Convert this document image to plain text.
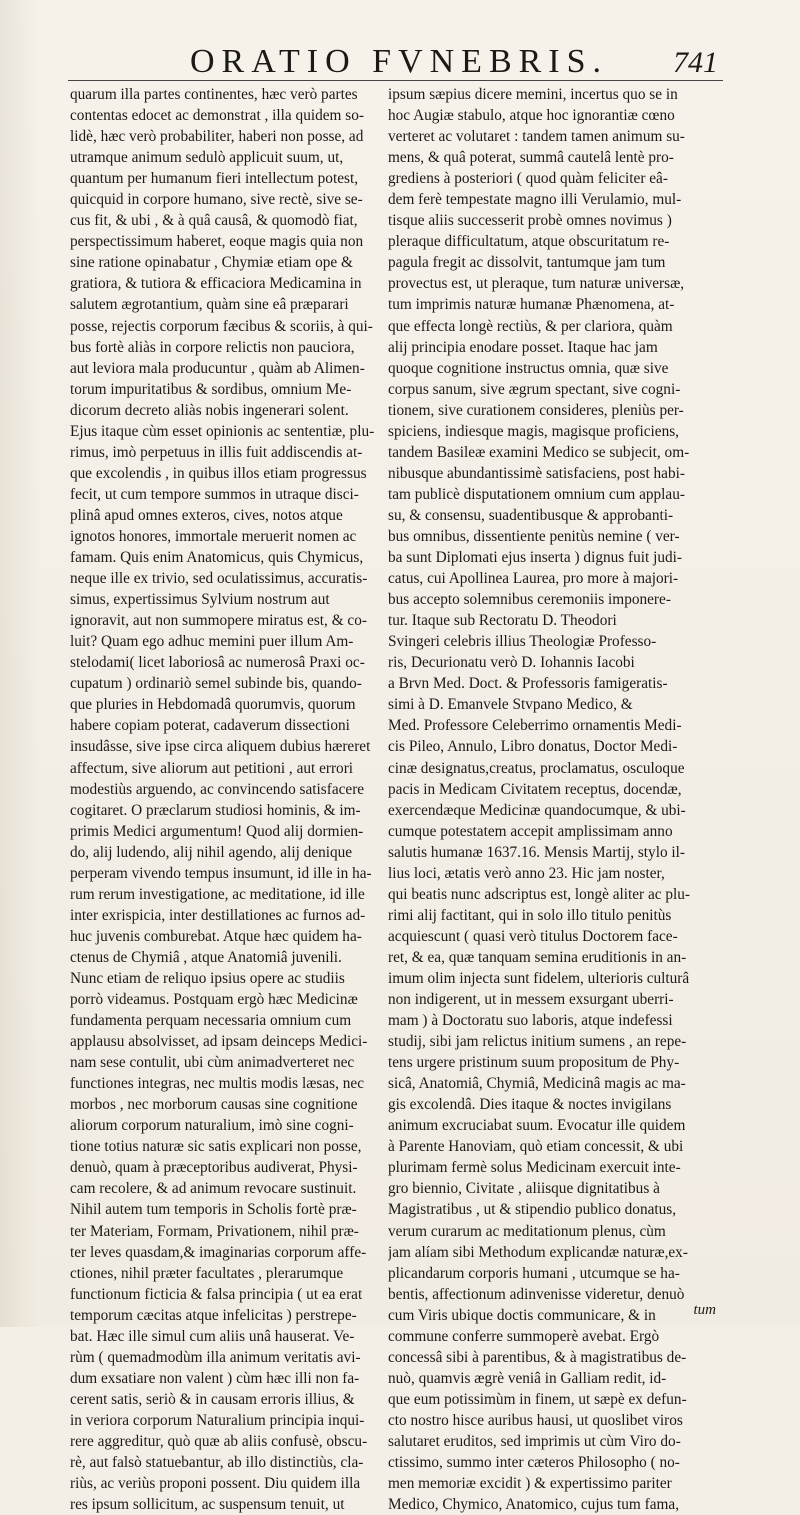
ORATIO FVNEBRIS. 741
quarum illa partes continentes, hæc verò partes
contentas edocet ac demonstrat , illa quidem so-
lidè, hæc verò probabiliter, haberi non posse, ad
utramque animum sedulò applicuit suum, ut,
quantum per humanum fieri intellectum potest,
quicquid in corpore humano, sive rectè, sive se-
cus fit, & ubi , & à quâ causâ, & quomodò fiat,
perspectissimum haberet, eoque magis quia non
sine ratione opinabatur , Chymiæ etiam ope &
gratiora, & tutiora & efficaciora Medicamina in
salutem ægrotantium, quàm sine eâ præparari
posse, rejectis corporum fæcibus & scoriis, à qui-
bus fortè aliàs in corpore relictis non pauciora,
aut leviora mala producuntur , quàm ab Alimen-
torum impuritatibus & sordibus, omnium Me-
dicorum decreto aliàs nobis ingenerari solent.
Ejus itaque cùm esset opinionis ac sententiæ, plu-
rimus, imò perpetuus in illis fuit addiscendis at-
que excolendis , in quibus illos etiam progressus
fecit, ut cum tempore summos in utraque disci-
plinâ apud omnes exteros, cives, notos atque
ignotos honores, immortale meruerit nomen ac
famam. Quis enim Anatomicus, quis Chymicus,
neque ille ex trivio, sed oculatissimus, accuratis-
simus, expertissimus Sylvium nostrum aut
ignoravit, aut non summopere miratus est, & co-
luit? Quam ego adhuc memini puer illum Am-
stelodami( licet laboriosâ ac numerosâ Praxi oc-
cupatum ) ordinariò semel subinde bis, quando-
que pluries in Hebdomadâ quorumvis, quorum
habere copiam poterat, cadaverum dissectioni
insudâsse, sive ipse circa aliquem dubius hæreret
affectum, sive aliorum aut petitioni , aut errori
modestiùs arguendo, ac convincendo satisfacere
cogitaret. O præclarum studiosi hominis, & im-
primis Medici argumentum! Quod alij dormien-
do, alij ludendo, alij nihil agendo, alij denique
perperam vivendo tempus insumunt, id ille in ha-
rum rerum investigatione, ac meditatione, id ille
inter exrispicia, inter destillationes ac furnos ad-
huc juvenis comburebat. Atque hæc quidem ha-
ctenus de Chymiâ , atque Anatomiâ juvenili.
Nunc etiam de reliquo ipsius opere ac studiis
porrò videamus. Postquam ergò hæc Medicinæ
fundamenta perquam necessaria omnium cum
applausu absolvisset, ad ipsam deinceps Medici-
nam sese contulit, ubi cùm animadverteret nec
functiones integras, nec multis modis læsas, nec
morbos , nec morborum causas sine cognitione
aliorum corporum naturalium, imò sine cogni-
tione totius naturæ sic satis explicari non posse,
denuò, quam à præceptoribus audiverat, Physi-
cam recolere, & ad animum revocare sustinuit.
Nihil autem tum temporis in Scholis fortè præ-
ter Materiam, Formam, Privationem, nihil præ-
ter leves quasdam,& imaginarias corporum affe-
ctiones, nihil præter facultates , plerarumque
functionum ficticia & falsa principia ( ut ea erat
temporum cæcitas atque infelicitas ) perstrepe-
bat. Hæc ille simul cum aliis unâ hauserat. Ve-
rùm ( quemadmodùm illa animum veritatis avi-
dum exsatiare non valent ) cùm hæc illi non fa-
cerent satis, seriò & in causam erroris illius, &
in veriora corporum Naturalium principia inqui-
rere aggreditur, quò quæ ab aliis confusè, obscu-
rè, aut falsò statuebantur, ab illo distinctiùs, cla-
riùs, ac veriùs proponi possent. Diu quidem illa
res ipsum sollicitum, ac suspensum tenuit, ut
ipsum sæpius dicere memini, incertus quo se in
hoc Augiæ stabulo, atque hoc ignorantiæ cœno
verteret ac volutaret : tandem tamen animum su-
mens, & quâ poterat, summâ cautelâ lentè pro-
grediens à posteriori ( quod quàm feliciter eâ-
dem ferè tempestate magno illi Verulamio, mul-
tisque aliis successerit probè omnes novimus )
pleraque difficultatum, atque obscuritatum re-
pagula fregit ac dissolvit, tantumque jam tum
provectus est, ut pleraque, tum naturæ universæ,
tum imprimis naturæ humanæ Phænomena, at-
que effecta longè rectiùs, & per clariora, quàm
alij principia enodare posset. Itaque hac jam
quoque cognitione instructus omnia, quæ sive
corpus sanum, sive ægrum spectant, sive cogni-
tionem, sive curationem consideres, pleniùs per-
spiciens, indiesque magis, magisque proficiens,
tandem Basileæ examini Medico se subjecit, om-
nibusque abundantissimè satisfaciens, post habi-
tam publicè disputationem omnium cum applau-
su, & consensu, suadentibusque & approbanti-
bus omnibus, dissentiente penitùs nemine ( ver-
ba sunt Diplomati ejus inserta ) dignus fuit judi-
catus, cui Apollinea Laurea, pro more à majori-
bus accepto solemnibus ceremoniis imponere-
tur. Itaque sub Rectoratu D. Theodori
Svingeri celebris illius Theologiæ Professo-
ris, Decurionatu verò D. Iohannis Iacobi
a Brvn Med. Doct. & Professoris famigeratis-
simi à D. Emanvele Stvpano Medico, &
Med. Professore Celeberrimo ornamentis Medi-
cis Pileo, Annulo, Libro donatus, Doctor Medi-
cinæ designatus,creatus, proclamatus, osculoque
pacis in Medicam Civitatem receptus, docendæ,
exercendæque Medicinæ quandocumque, & ubi-
cumque potestatem accepit amplissimam anno
salutis humanæ 1637.16. Mensis Martij, stylo il-
lius loci, ætatis verò anno 23. Hic jam noster,
qui beatis nunc adscriptus est, longè aliter ac plu-
rimi alij factitant, qui in solo illo titulo penitùs
acquiescunt ( quasi verò titulus Doctorem face-
ret, & ea, quæ tanquam semina eruditionis in an-
imum olim injecta sunt fidelem, ulterioris culturâ
non indigerent, ut in messem exsurgant uberri-
mam ) à Doctoratu suo laboris, atque indefessi
studij, sibi jam relictus initium sumens , an repe-
tens urgere pristinum suum propositum de Phy-
sicâ, Anatomiâ, Chymiâ, Medicinâ magis ac ma-
gis excolendâ. Dies itaque & noctes invigilans
animum excruciabat suum. Evocatur ille quidem
à Parente Hanoviam, quò etiam concessit, & ubi
plurimam fermè solus Medicinam exercuit inte-
gro biennio, Civitate , aliisque dignitatibus à
Magistratibus , ut & stipendio publico donatus,
verum curarum ac meditationum plenus, cùm
jam alíam sibi Methodum explicandæ naturæ,ex-
plicandarum corporis humani , utcumque se ha-
bentis, affectionum adinvenisse videretur, denuò
cum Viris ubique doctis communicare, & in
commune conferre summoperè avebat. Ergò
concessâ sibi à parentibus, & à magistratibus de-
nuò, quamvis ægrè veniâ in Galliam redit, id-
que eum potissimùm in finem, ut sæpè ex defun-
cto nostro hisce auribus hausi, ut quoslibet viros
salutaret eruditos, sed imprimis ut cùm Viro do-
ctissimo, summo inter cæteros Philosopho ( no-
men memoriæ excidit ) & expertissimo pariter
Medico, Chymico, Anatomico, cujus tum fama,
tum
